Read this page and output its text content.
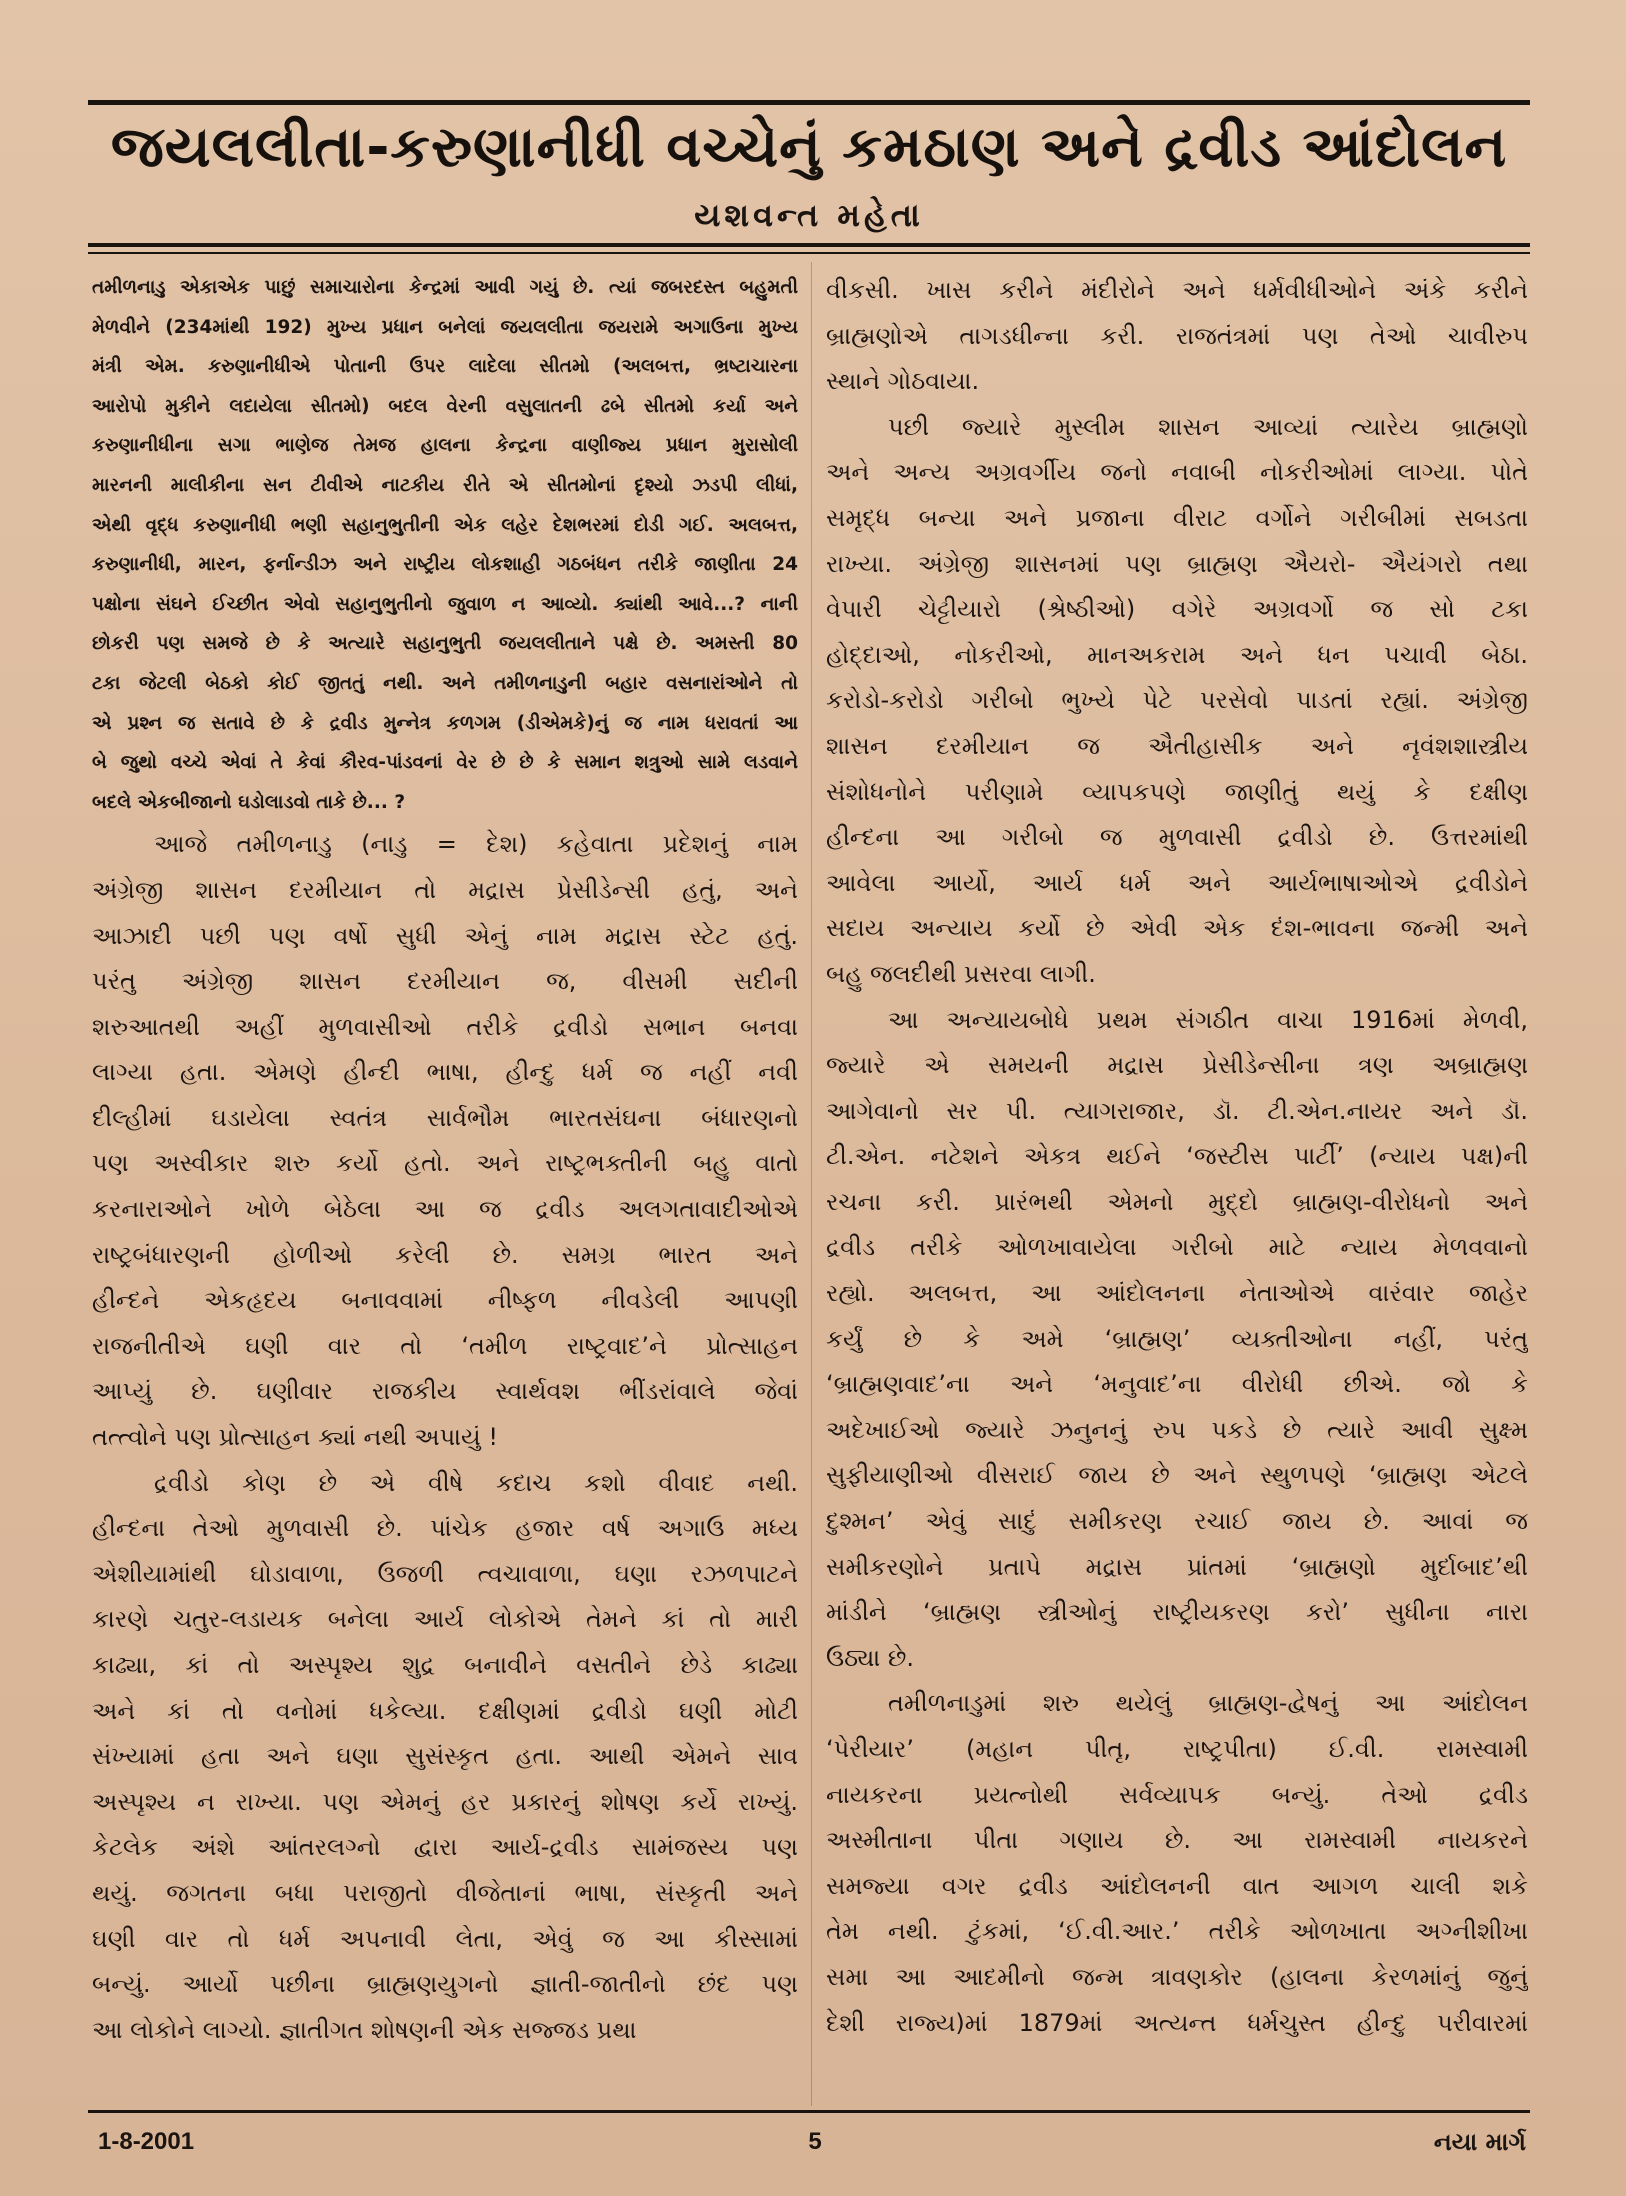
જયલલીતા-કરુણાનીધી વચ્ચેનું કમઠાણ અને દ્રવીડ આંદોલન
યશવન્ત મહેતા
તમીળનાડુ એકાએક પાછું સમાચારોના કેન્દ્રમાં આવી ગયું છે. ત્યાં જબરદસ્ત બહુમતી
મેળવીને (234માંથી 192) મુખ્ય પ્રધાન બનેલાં જયલલીતા જયરામે અગાઉના મુખ્ય
મંત્રી એમ. કરુણાનીધીએ પોતાની ઉપર લાદેલા સીતમો (અલબત્ત, ભ્રષ્ટાચારના
આરોપો મુકીને લદાયેલા સીતમો) બદલ વેરની વસુલાતની ઢબે સીતમો કર્યા અને
કરુણાનીધીના સગા ભાણેજ તેમજ હાલના કેન્દ્રના વાણીજ્ય પ્રધાન મુરાસોલી
મારનની માલીકીના સન ટીવીએ નાટકીય રીતે એ સીતમોનાં દૃશ્યો ઝડપી લીધાં,
એથી વૃદ્ધ કરુણાનીધી ભણી સહાનુભુતીની એક લહેર દેશભરમાં દોડી ગઈ. અલબત્ત,
કરુણાનીધી, મારન, ફર્નાન્ડીઝ અને રાષ્ટ્રીય લોકશાહી ગઠબંધન તરીકે જાણીતા 24
પક્ષોના સંઘને ઈચ્છીત એવો સહાનુભુતીનો જુવાળ ન આવ્યો. ક્યાંથી આવે...? નાની
છોકરી પણ સમજે છે કે અત્યારે સહાનુભુતી જયલલીતાને પક્ષે છે. અમસ્તી 80
ટકા જેટલી બેઠકો કોઈ જીતતું નથી. અને તમીળનાડુની બહાર વસનારાંઓને તો
એ પ્રશ્ન જ સતાવે છે કે દ્રવીડ મુન્નેત્ર કળગમ (ડીએમકે)નું જ નામ ધરાવતાં આ
બે જુથો વચ્ચે એવાં તે કેવાં કૌરવ-પાંડવનાં વેર છે છે કે સમાન શત્રુઓ સામે લડવાને
બદલે એકબીજાનો ઘડોલાડવો તાકે છે... ?
આજે તમીળનાડુ (નાડુ = દેશ) કહેવાતા પ્રદેશનું નામ
અંગ્રેજી શાસન દરમીયાન તો મદ્રાસ પ્રેસીડેન્સી હતું, અને
આઝાદી પછી પણ વર્ષો સુધી એનું નામ મદ્રાસ સ્ટેટ હતું.
પરંતુ અંગ્રેજી શાસન દરમીયાન જ, વીસમી સદીની
શરુઆતથી અહીં મુળવાસીઓ તરીકે દ્રવીડો સભાન બનવા
લાગ્યા હતા. એમણે હીન્દી ભાષા, હીન્દુ ધર્મ જ નહીં નવી
દીલ્હીમાં ઘડાયેલા સ્વતંત્ર સાર્વભૌમ ભારતસંઘના બંધારણનો
પણ અસ્વીકાર શરુ કર્યો હતો. અને રાષ્ટ્રભક્તીની બહુ વાતો
કરનારાઓને ખોળે બેઠેલા આ જ દ્રવીડ અલગતાવાદીઓએ
રાષ્ટ્રબંધારણની હોળીઓ કરેલી છે. સમગ્ર ભારત અને
હીન્દને એકહૃદય બનાવવામાં નીષ્ફળ નીવડેલી આપણી
રાજનીતીએ ઘણી વાર તો ‘તમીળ રાષ્ટ્રવાદ’ને પ્રોત્સાહન
આપ્યું છે. ઘણીવાર રાજકીય સ્વાર્થવશ ભીંડરાંવાલે જેવાં
તત્ત્વોને પણ પ્રોત્સાહન ક્યાં નથી અપાયું !
દ્રવીડો કોણ છે એ વીષે કદાચ કશો વીવાદ નથી.
હીન્દના તેઓ મુળવાસી છે. પાંચેક હજાર વર્ષ અગાઉ મધ્ય
એશીયામાંથી ઘોડાવાળા, ઉજળી ત્વચાવાળા, ઘણા રઝળપાટને
કારણે ચતુર-લડાયક બનેલા આર્ય લોકોએ તેમને કાં તો મારી
કાઢ્યા, કાં તો અસ્પૃશ્ય શુદ્ર બનાવીને વસતીને છેડે કાઢ્યા
અને કાં તો વનોમાં ધકેલ્યા. દક્ષીણમાં દ્રવીડો ઘણી મોટી
સંખ્યામાં હતા અને ઘણા સુસંસ્કૃત હતા. આથી એમને સાવ
અસ્પૃશ્ય ન રાખ્યા. પણ એમનું હર પ્રકારનું શોષણ કર્યે રાખ્યું.
કેટલેક અંશે આંતરલગ્નો દ્વારા આર્ય-દ્રવીડ સામંજસ્ય પણ
થયું. જગતના બધા પરાજીતો વીજેતાનાં ભાષા, સંસ્કૃતી અને
ઘણી વાર તો ધર્મ અપનાવી લેતા, એવું જ આ કીસ્સામાં
બન્યું. આર્યો પછીના બ્રાહ્મણયુગનો જ્ઞાતી-જાતીનો છંદ પણ
આ લોકોને લાગ્યો. જ્ઞાતીગત શોષણની એક સજ્જડ પ્રથા
વીકસી. ખાસ કરીને મંદીરોને અને ધર્મવીધીઓને અંકે કરીને
બ્રાહ્મણોએ તાગડધીન્ના કરી. રાજતંત્રમાં પણ તેઓ ચાવીરુપ
સ્થાને ગોઠવાયા.
પછી જ્યારે મુસ્લીમ શાસન આવ્યાં ત્યારેય બ્રાહ્મણો
અને અન્ય અગ્રવર્ગીય જનો નવાબી નોકરીઓમાં લાગ્યા. પોતે
સમૃદ્ધ બન્યા અને પ્રજાના વીરાટ વર્ગોને ગરીબીમાં સબડતા
રાખ્યા. અંગ્રેજી શાસનમાં પણ બ્રાહ્મણ ઐયરો- ઐયંગરો તથા
વેપારી ચેટ્ટીયારો (શ્રેષ્ઠીઓ) વગેરે અગ્રવર્ગો જ સો ટકા
હોદ્દાઓ, નોકરીઓ, માનઅકરામ અને ધન પચાવી બેઠા.
કરોડો-કરોડો ગરીબો ભુખ્યે પેટે પરસેવો પાડતાં રહ્યાં. અંગ્રેજી
શાસન દરમીયાન જ ઐતીહાસીક અને નૃવંશશાસ્ત્રીય
સંશોધનોને પરીણામે વ્યાપકપણે જાણીતું થયું કે દક્ષીણ
હીન્દના આ ગરીબો જ મુળવાસી દ્રવીડો છે. ઉત્તરમાંથી
આવેલા આર્યો, આર્ય ધર્મ અને આર્યભાષાઓએ દ્રવીડોને
સદાય અન્યાય કર્યો છે એવી એક દંશ-ભાવના જન્મી અને
બહુ જલદીથી પ્રસરવા લાગી.
આ અન્યાયબોધે પ્રથમ સંગઠીત વાચા 1916માં મેળવી,
જ્યારે એ સમયની મદ્રાસ પ્રેસીડેન્સીના ત્રણ અબ્રાહ્મણ
આગેવાનો સર પી. ત્યાગરાજાર, ડૉ. ટી.એન.નાયર અને ડૉ.
ટી.એન. નટેશને એકત્ર થઈને ‘જસ્ટીસ પાર્ટી’ (ન્યાય પક્ષ)ની
રચના કરી. પ્રારંભથી એમનો મુદ્દો બ્રાહ્મણ-વીરોધનો અને
દ્રવીડ તરીકે ઓળખાવાયેલા ગરીબો માટે ન્યાય મેળવવાનો
રહ્યો. અલબત્ત, આ આંદોલનના નેતાઓએ વારંવાર જાહેર
કર્યું છે કે અમે ‘બ્રાહ્મણ’ વ્યક્તીઓના નહીં, પરંતુ
‘બ્રાહ્મણવાદ’ના અને ‘મનુવાદ’ના વીરોધી છીએ. જો કે
અદેખાઈઓ જ્યારે ઝનુનનું રુપ પકડે છે ત્યારે આવી સુક્ષ્મ
સુફીયાણીઓ વીસરાઈ જાય છે અને સ્થુળપણે ‘બ્રાહ્મણ એટલે
દુશ્મન’ એવું સાદું સમીકરણ રચાઈ જાય છે. આવાં જ
સમીકરણોને પ્રતાપે મદ્રાસ પ્રાંતમાં ‘બ્રાહ્મણો મુર્દાબાદ’થી
માંડીને ‘બ્રાહ્મણ સ્ત્રીઓનું રાષ્ટ્રીયકરણ કરો’ સુધીના નારા
ઉઠ્યા છે.
તમીળનાડુમાં શરુ થયેલું બ્રાહ્મણ-દ્વેષનું આ આંદોલન
‘પેરીયાર’ (મહાન પીતૃ, રાષ્ટ્રપીતા) ઈ.વી. રામસ્વામી
નાયકરના પ્રયત્નોથી સર્વવ્યાપક બન્યું. તેઓ દ્રવીડ
અસ્મીતાના પીતા ગણાય છે. આ રામસ્વામી નાયકરને
સમજ્યા વગર દ્રવીડ આંદોલનની વાત આગળ ચાલી શકે
તેમ નથી. ટુંકમાં, ‘ઈ.વી.આર.’ તરીકે ઓળખાતા અગ્નીશીખા
સમા આ આદમીનો જન્મ ત્રાવણકોર (હાલના કેરળમાંનું જુનું
દેશી રાજ્ય)માં 1879માં અત્યન્ત ધર્મચુસ્ત હીન્દુ પરીવારમાં
1-8-2001	5	નયા માર્ગ
